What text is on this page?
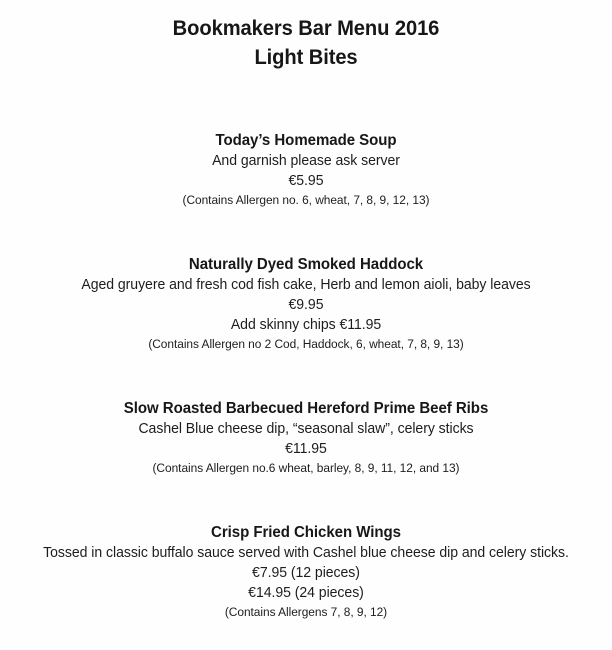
Bookmakers Bar Menu 2016
Light Bites
Today’s Homemade Soup
And garnish please ask server
€5.95
(Contains Allergen no. 6, wheat, 7, 8, 9, 12, 13)
Naturally Dyed Smoked Haddock
Aged gruyere and fresh cod fish cake, Herb and lemon aioli, baby leaves
€9.95
Add skinny chips €11.95
(Contains Allergen no 2 Cod, Haddock, 6, wheat, 7, 8, 9, 13)
Slow Roasted Barbecued Hereford Prime Beef Ribs
Cashel Blue cheese dip, “seasonal slaw”, celery sticks
€11.95
(Contains Allergen no.6 wheat, barley, 8, 9, 11, 12, and 13)
Crisp Fried Chicken Wings
Tossed in classic buffalo sauce served with Cashel blue cheese dip and celery sticks.
€7.95 (12 pieces)
€14.95 (24 pieces)
(Contains Allergens 7, 8, 9, 12)
